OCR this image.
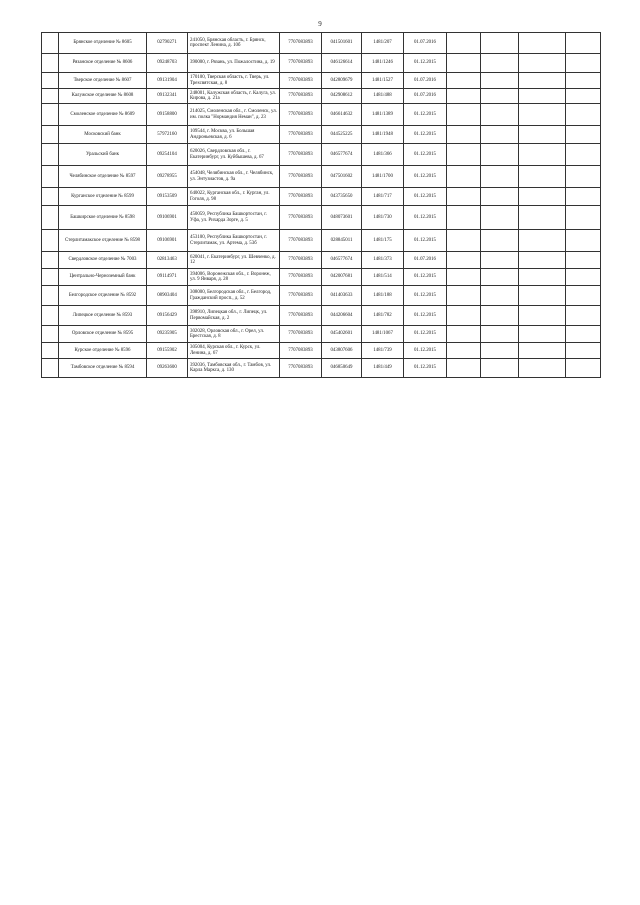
9
	Брянское отделение № 8605	02790271	241050, Брянская область, г. Брянск, проспект Ленина, д. 10б	7707083893	041501601	1481/207	01.07.2016				
	Рязанское отделение № 8606	09248703	390000, г. Рязань, ул. Пожалостина, д. 19	7707083893	046126614	1481/1246	01.12.2015				
	Тверское отделение № 8607	09131904	170100, Тверская область, г. Тверь, ул. Трехсвятская, д. 8	7707083893	042809679	1481/1527	01.07.2016				
	Калужское отделение № 8608	09132341	248001, Калужская область, г. Калуга, ул. Кирова, д. 21а	7707083893	042908612	1481/488	01.07.2016				
	Смоленское отделение № 8609	09158800	214025, Смоленская обл., г. Смоленск, ул. им. полка "Нормандия Неман", д. 23	7707083893	046614632	1481/1389	01.12.2015				
	Московский банк	57972160	109544, г. Москва, ул. Большая Андроньевская, д. 6	7707083893	044525225	1481/1948	01.12.2015				
	Уральский банк	09254104	620026, Свердловская обл., г. Екатеринбург, ул. Куйбышева, д. 67	7707083893	046577674	1481/366	01.12.2015				
	Челябинское отделение № 8597	09278955	454048, Челябинская обл., г. Челябинск, ул. Энтузиастов, д. 9а	7707083893	047501602	1481/1700	01.12.2015				
	Курганское отделение № 8599	09153509	640022, Курганская обл., г. Курган, ул. Гоголя, д. 98	7707083893	043735650	1481/717	01.12.2015				
	Башкирское отделение № 8598	09106901	450059, Республика Башкортостан, г. Уфа, ул. Рихарда Зорге, д. 5	7707083893	048073601	1481/730	01.12.2015				
	Стерлитамакское отделение № 8598	09106901	453100, Республика Башкортостан, г. Стерлитамак, ул. Артема, д. 53б	7707083893	028845011	1481/175	01.12.2015				
	Свердловское отделение № 7003	02813463	620041, г. Екатеринбург, ул. Шевченко, д. 12	7707083893	046577674	1481/373	01.07.2016				
	Центрально-Черноземный банк	09114971	394006, Воронежская обл., г. Воронеж, ул. 9 Января, д. 28	7707083893	042007681	1481/514	01.12.2015				
	Белгородское отделение № 8592	08903404	308000, Белгородская обл., г. Белгород, Гражданский просп., д. 52	7707083893	041403633	1481/188	01.12.2015				
	Липецкое отделение № 8593	09156429	398910, Липецкая обл., г. Липецк, ул. Первомайская, д. 2	7707083893	044206604	1481/782	01.12.2015				
	Орловское отделение № 8595	09235905	302028, Орловская обл., г. Орел, ул. Брестская, д. 8	7707083893	045402601	1481/1067	01.12.2015				
	Курское отделение № 8596	09155902	305004, Курская обл., г. Курск, ул. Ленина, д. 67	7707083893	043807606	1481/739	01.12.2015				
	Тамбовское отделение № 8594	09263600	392036, Тамбовская обл., г. Тамбов, ул. Карла Маркса, д. 130	7707083893	046850649	1481/449	01.12.2015				
